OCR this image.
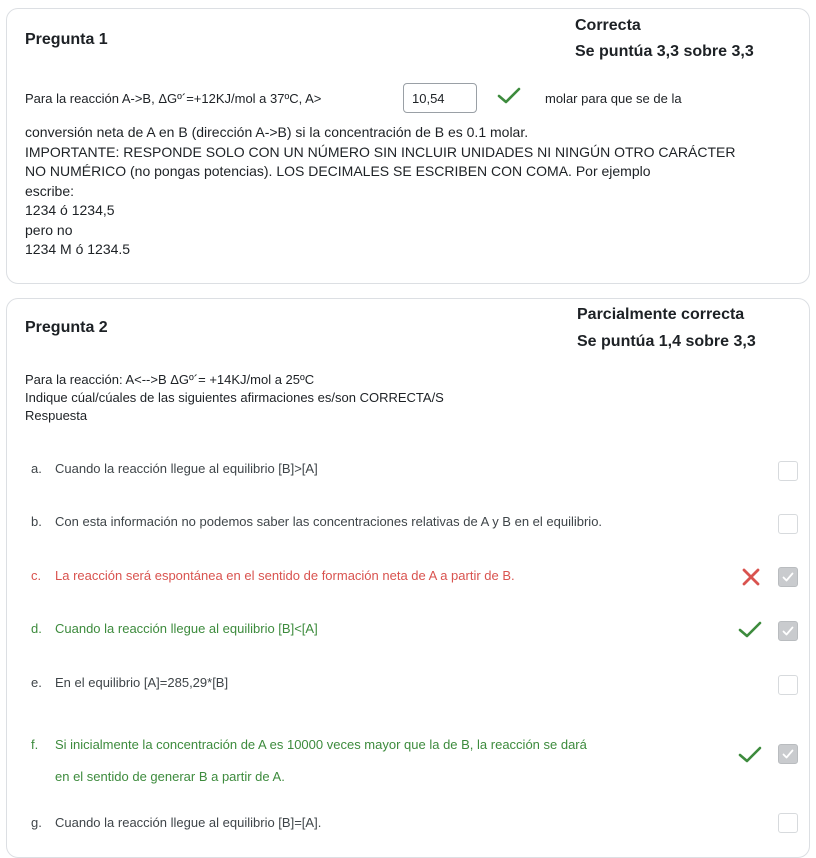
Pregunta 1
Correcta
Se puntúa 3,3 sobre 3,3
Para la reacción A->B, ΔGº´=+12KJ/mol a 37ºC, A>
10,54	molar para que se de la
conversión neta de A en B (dirección A->B) si la concentración de B es 0.1 molar.
IMPORTANTE: RESPONDE SOLO CON UN NÚMERO SIN INCLUIR UNIDADES NI NINGÚN OTRO CARÁCTER
NO NUMÉRICO (no pongas potencias). LOS DECIMALES SE ESCRIBEN CON COMA. Por ejemplo
escribe:
1234 ó 1234,5
pero no
1234 M ó 1234.5
Pregunta 2
Parcialmente correcta
Se puntúa 1,4 sobre 3,3
Para la reacción: A<-->B ΔGº´= +14KJ/mol a 25ºC
Indique cúal/cúales de las siguientes afirmaciones es/son CORRECTA/S
Respuesta
a. Cuando la reacción llegue al equilibrio [B]>[A]
b. Con esta información no podemos saber las concentraciones relativas de A y B en el equilibrio.
c. La reacción será espontánea en el sentido de formación neta de A a partir de B.
d. Cuando la reacción llegue al equilibrio [B]<[A]
e. En el equilibrio [A]=285,29*[B]
f. Si inicialmente la concentración de A es 10000 veces mayor que la de B, la reacción se dará
en el sentido de generar B a partir de A.
g. Cuando la reacción llegue al equilibrio [B]=[A].
